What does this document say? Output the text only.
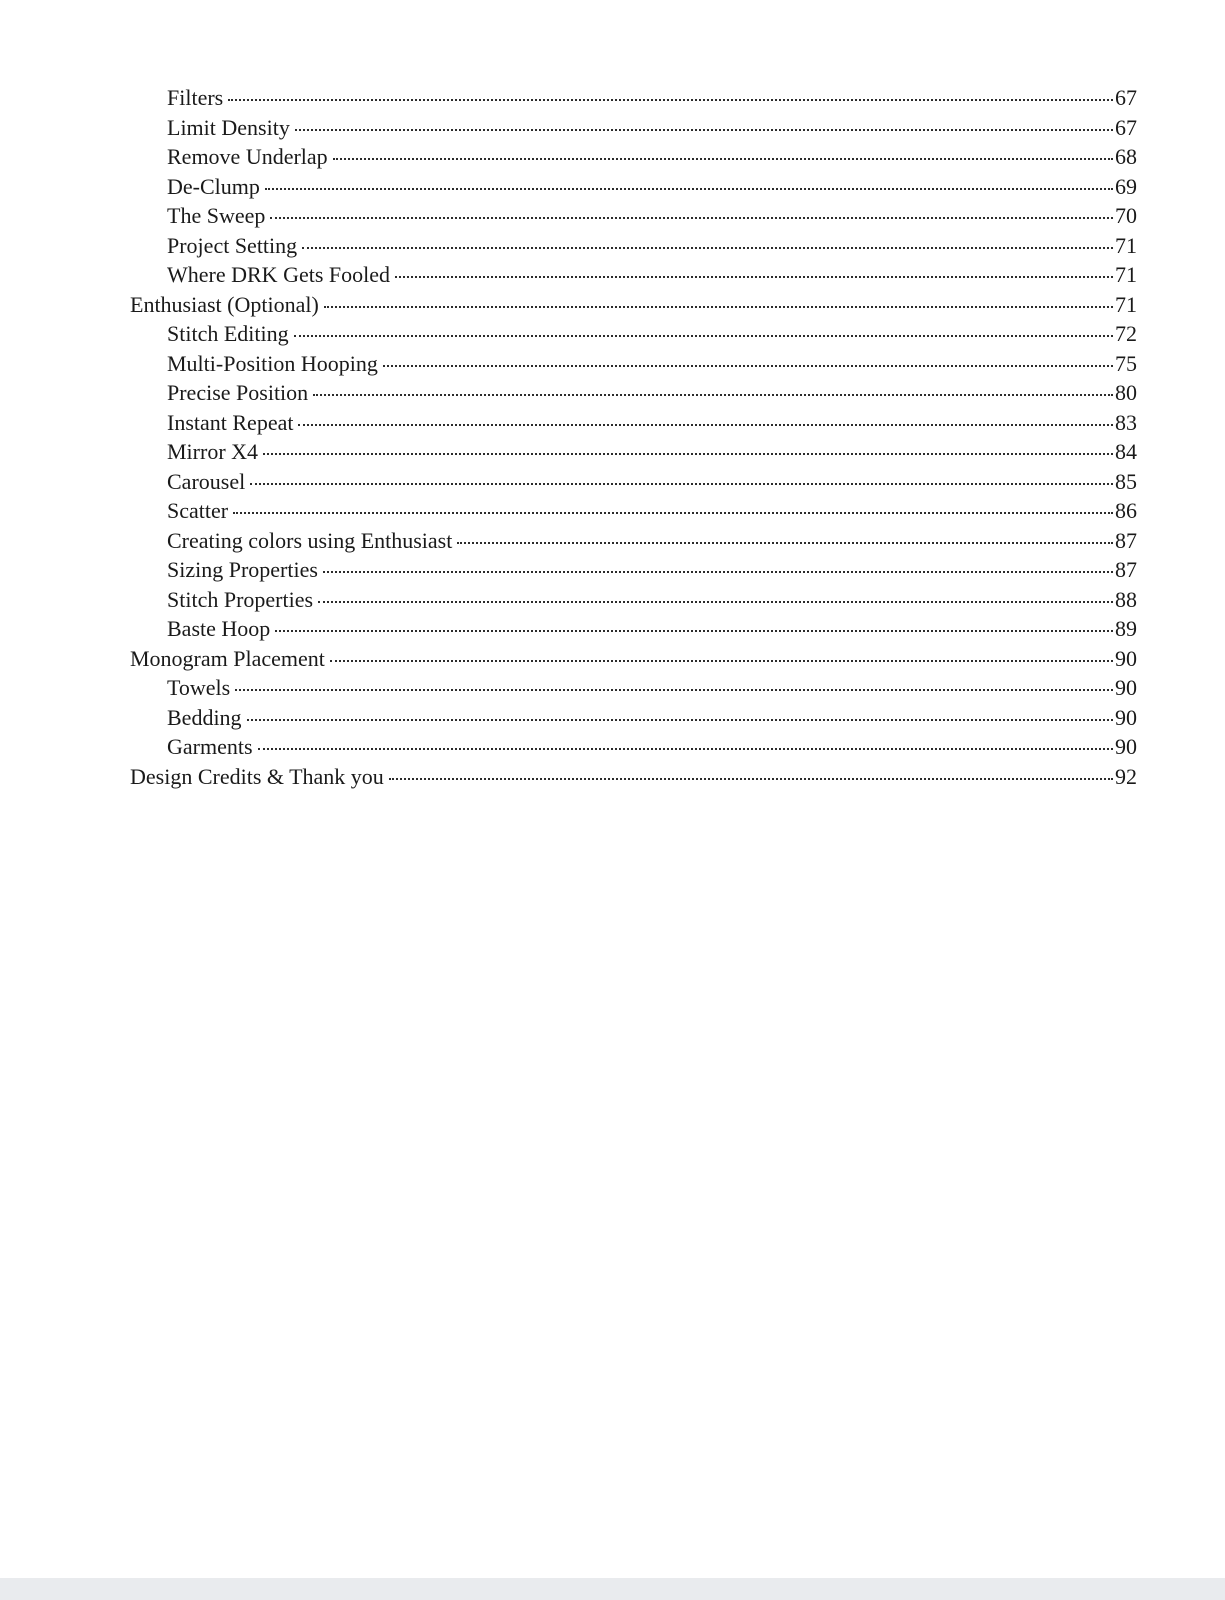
Filters	67
Limit Density	67
Remove Underlap	68
De-Clump	69
The Sweep	70
Project Setting	71
Where DRK Gets Fooled	71
Enthusiast (Optional)	71
Stitch Editing	72
Multi-Position Hooping	75
Precise Position	80
Instant Repeat	83
Mirror X4	84
Carousel	85
Scatter	86
Creating colors using Enthusiast	87
Sizing Properties	87
Stitch Properties	88
Baste Hoop	89
Monogram Placement	90
Towels	90
Bedding	90
Garments	90
Design Credits & Thank you	92
